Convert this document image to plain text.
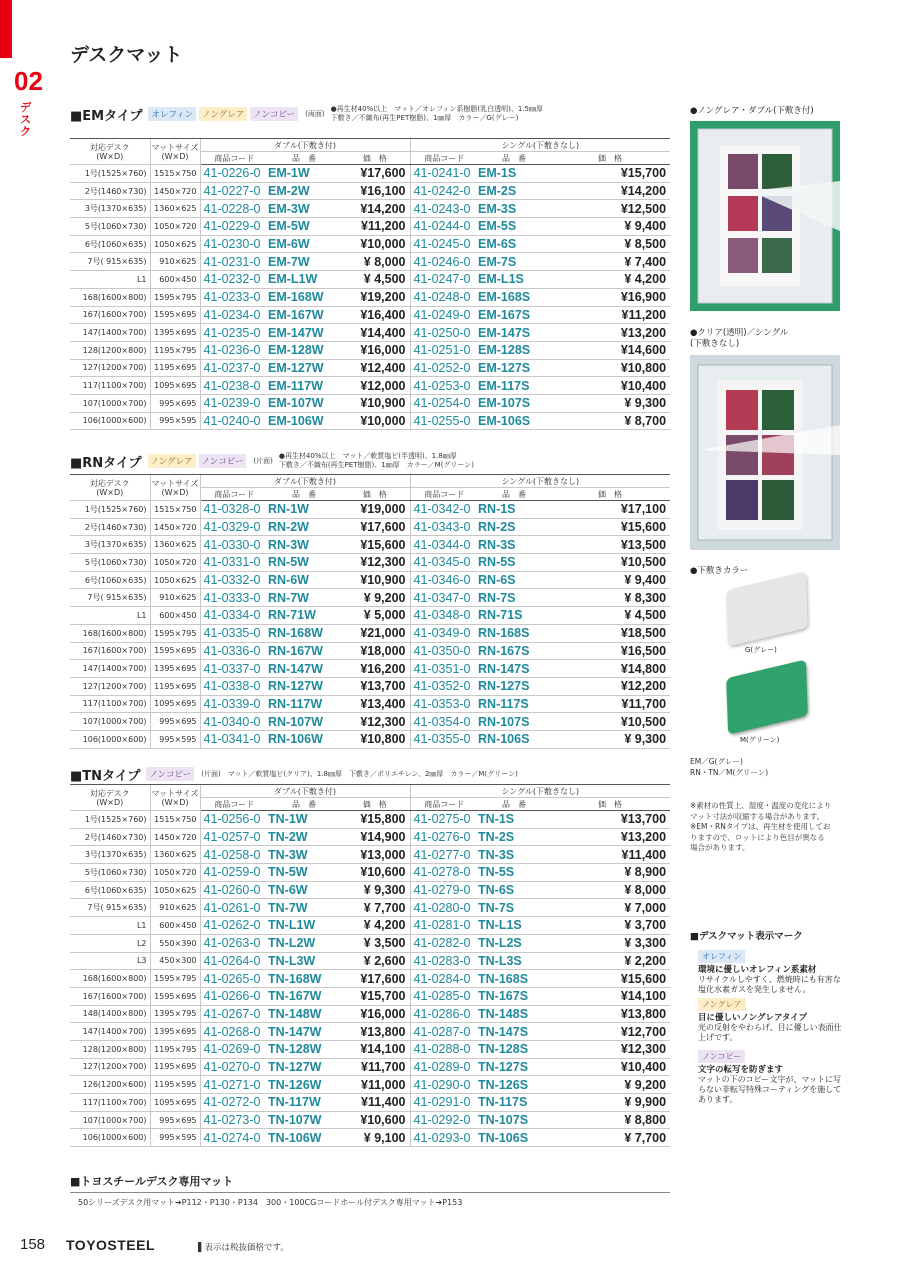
02
デスク
デスクマット
■EMタイプ	オレフィン	ノングレア	ノンコピー	(両面)
●再生材40%以上　マット／オレフィン系樹脂(乳白透明)、1.5㎜厚
下敷き／不織布(再生PET樹脂)、1㎜厚　カラー／G(グレー)
対応デスク
(W×D)	マットサイズ
(W×D)	ダブル(下敷き付)			シングル(下敷きなし)		
		商品コード	品　番	価　格	商品コード	品　番	価　格
1号(1525×760)	1515×750	41-0226-0	EM-1W	¥17,600	41-0241-0	EM-1S	¥15,700
2号(1460×730)	1450×720	41-0227-0	EM-2W	¥16,100	41-0242-0	EM-2S	¥14,200
3号(1370×635)	1360×625	41-0228-0	EM-3W	¥14,200	41-0243-0	EM-3S	¥12,500
5号(1060×730)	1050×720	41-0229-0	EM-5W	¥11,200	41-0244-0	EM-5S	¥ 9,400
6号(1060×635)	1050×625	41-0230-0	EM-6W	¥10,000	41-0245-0	EM-6S	¥ 8,500
7号( 915×635)	910×625	41-0231-0	EM-7W	¥ 8,000	41-0246-0	EM-7S	¥ 7,400
L1	600×450	41-0232-0	EM-L1W	¥ 4,500	41-0247-0	EM-L1S	¥ 4,200
168(1600×800)	1595×795	41-0233-0	EM-168W	¥19,200	41-0248-0	EM-168S	¥16,900
167(1600×700)	1595×695	41-0234-0	EM-167W	¥16,400	41-0249-0	EM-167S	¥11,200
147(1400×700)	1395×695	41-0235-0	EM-147W	¥14,400	41-0250-0	EM-147S	¥13,200
128(1200×800)	1195×795	41-0236-0	EM-128W	¥16,000	41-0251-0	EM-128S	¥14,600
127(1200×700)	1195×695	41-0237-0	EM-127W	¥12,400	41-0252-0	EM-127S	¥10,800
117(1100×700)	1095×695	41-0238-0	EM-117W	¥12,000	41-0253-0	EM-117S	¥10,400
107(1000×700)	995×695	41-0239-0	EM-107W	¥10,900	41-0254-0	EM-107S	¥ 9,300
106(1000×600)	995×595	41-0240-0	EM-106W	¥10,000	41-0255-0	EM-106S	¥ 8,700
■RNタイプ	ノングレア	ノンコピー	(片面)
●再生材40%以上　マット／軟質塩ビ(半透明)、1.8㎜厚
下敷き／不織布(再生PET樹脂)、1㎜厚　カラー／M(グリーン)
対応デスク
(W×D)	マットサイズ
(W×D)	ダブル(下敷き付)			シングル(下敷きなし)		
		商品コード	品　番	価　格	商品コード	品　番	価　格
1号(1525×760)	1515×750	41-0328-0	RN-1W	¥19,000	41-0342-0	RN-1S	¥17,100
2号(1460×730)	1450×720	41-0329-0	RN-2W	¥17,600	41-0343-0	RN-2S	¥15,600
3号(1370×635)	1360×625	41-0330-0	RN-3W	¥15,600	41-0344-0	RN-3S	¥13,500
5号(1060×730)	1050×720	41-0331-0	RN-5W	¥12,300	41-0345-0	RN-5S	¥10,500
6号(1060×635)	1050×625	41-0332-0	RN-6W	¥10,900	41-0346-0	RN-6S	¥ 9,400
7号( 915×635)	910×625	41-0333-0	RN-7W	¥ 9,200	41-0347-0	RN-7S	¥ 8,300
L1	600×450	41-0334-0	RN-71W	¥ 5,000	41-0348-0	RN-71S	¥ 4,500
168(1600×800)	1595×795	41-0335-0	RN-168W	¥21,000	41-0349-0	RN-168S	¥18,500
167(1600×700)	1595×695	41-0336-0	RN-167W	¥18,000	41-0350-0	RN-167S	¥16,500
147(1400×700)	1395×695	41-0337-0	RN-147W	¥16,200	41-0351-0	RN-147S	¥14,800
127(1200×700)	1195×695	41-0338-0	RN-127W	¥13,700	41-0352-0	RN-127S	¥12,200
117(1100×700)	1095×695	41-0339-0	RN-117W	¥13,400	41-0353-0	RN-117S	¥11,700
107(1000×700)	995×695	41-0340-0	RN-107W	¥12,300	41-0354-0	RN-107S	¥10,500
106(1000×600)	995×595	41-0341-0	RN-106W	¥10,800	41-0355-0	RN-106S	¥ 9,300
■TNタイプ	ノンコピー	(片面)　マット／軟質塩ビ(クリア)、1.8㎜厚　下敷き／ポリエチレン、2㎜厚　カラー／M(グリーン)
対応デスク
(W×D)	マットサイズ
(W×D)	ダブル(下敷き付)			シングル(下敷きなし)		
		商品コード	品　番	価　格	商品コード	品　番	価　格
1号(1525×760)	1515×750	41-0256-0	TN-1W	¥15,800	41-0275-0	TN-1S	¥13,700
2号(1460×730)	1450×720	41-0257-0	TN-2W	¥14,900	41-0276-0	TN-2S	¥13,200
3号(1370×635)	1360×625	41-0258-0	TN-3W	¥13,000	41-0277-0	TN-3S	¥11,400
5号(1060×730)	1050×720	41-0259-0	TN-5W	¥10,600	41-0278-0	TN-5S	¥ 8,900
6号(1060×635)	1050×625	41-0260-0	TN-6W	¥ 9,300	41-0279-0	TN-6S	¥ 8,000
7号( 915×635)	910×625	41-0261-0	TN-7W	¥ 7,700	41-0280-0	TN-7S	¥ 7,000
L1	600×450	41-0262-0	TN-L1W	¥ 4,200	41-0281-0	TN-L1S	¥ 3,700
L2	550×390	41-0263-0	TN-L2W	¥ 3,500	41-0282-0	TN-L2S	¥ 3,300
L3	450×300	41-0264-0	TN-L3W	¥ 2,600	41-0283-0	TN-L3S	¥ 2,200
168(1600×800)	1595×795	41-0265-0	TN-168W	¥17,600	41-0284-0	TN-168S	¥15,600
167(1600×700)	1595×695	41-0266-0	TN-167W	¥15,700	41-0285-0	TN-167S	¥14,100
148(1400×800)	1395×795	41-0267-0	TN-148W	¥16,000	41-0286-0	TN-148S	¥13,800
147(1400×700)	1395×695	41-0268-0	TN-147W	¥13,800	41-0287-0	TN-147S	¥12,700
128(1200×800)	1195×795	41-0269-0	TN-128W	¥14,100	41-0288-0	TN-128S	¥12,300
127(1200×700)	1195×695	41-0270-0	TN-127W	¥11,700	41-0289-0	TN-127S	¥10,400
126(1200×600)	1195×595	41-0271-0	TN-126W	¥11,000	41-0290-0	TN-126S	¥ 9,200
117(1100×700)	1095×695	41-0272-0	TN-117W	¥11,400	41-0291-0	TN-117S	¥ 9,900
107(1000×700)	995×695	41-0273-0	TN-107W	¥10,600	41-0292-0	TN-107S	¥ 8,800
106(1000×600)	995×595	41-0274-0	TN-106W	¥ 9,100	41-0293-0	TN-106S	¥ 7,700
●ノングレア・ダブル(下敷き付)
●クリア(透明)／シングル
(下敷きなし)
●下敷きカラー
G(グレー)
M(グリーン)
EM／G(グレー)
RN・TN／M(グリーン)
※素材の性質上、湿度・温度の変化により
マット寸法が収縮する場合があります。
※EM・RNタイプは、再生材を使用してお
りますので、ロットにより色目が異なる
場合があります。
■デスクマット表示マーク
オレフィン
環境に優しいオレフィン系素材
リサイクルしやすく、燃焼時にも有害な
塩化水素ガスを発生しません。
ノングレア
目に優しいノングレアタイプ
光の反射をやわらげ、目に優しい表面仕
上げです。
ノンコピー
文字の転写を防ぎます
マットの下のコピー文字が、マットに写
らない非転写特殊コーティングを施して
あります。
■トヨスチールデスク専用マット
50シリーズデスク用マット➔P112・P130・P134　300・100CGコードホール付デスク専用マット➔P153
158 TOYOSTEEL	▌表示は税抜価格です。
